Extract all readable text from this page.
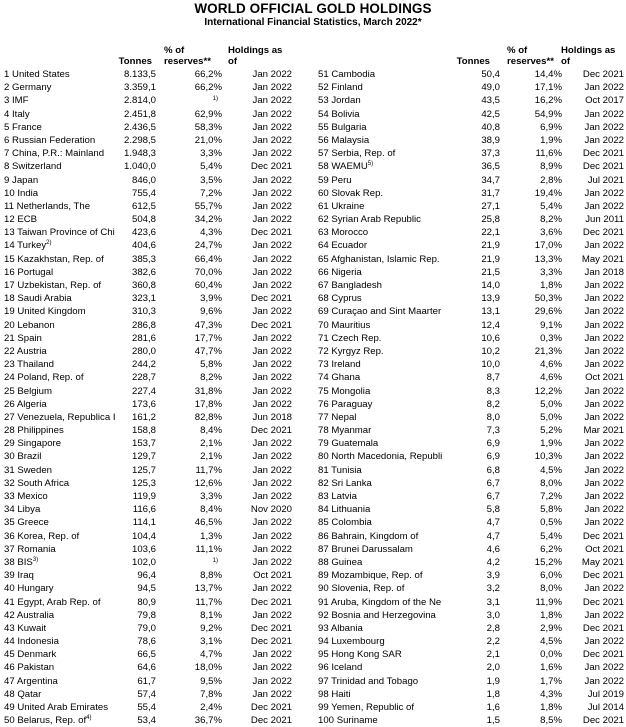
WORLD OFFICIAL GOLD HOLDINGS
International Financial Statistics, March 2022*
Tonnes
% of
reserves**
Holdings as
of	Tonnes
% of
reserves**
Holdings as
of
1 United States	8.133,5	66,2%	Jan 2022
2 Germany	3.359,1	66,2%	Jan 2022
3 IMF	2.814,0	1)	Jan 2022
4 Italy	2.451,8	62,9%	Jan 2022
5 France	2.436,5	58,3%	Jan 2022
6 Russian Federation	2.298,5	21,0%	Jan 2022
7 China, P.R.: Mainland	1.948,3	3,3%	Jan 2022
8 Switzerland	1.040,0	5,4%	Dec 2021
9 Japan	846,0	3,5%	Jan 2022
10 India	755,4	7,2%	Jan 2022
11 Netherlands, The	612,5	55,7%	Jan 2022
12 ECB	504,8	34,2%	Jan 2022
13 Taiwan Province of Chi	423,6	4,3%	Dec 2021
14 Turkey$^{2)}$	404,6	24,7%	Jan 2022
15 Kazakhstan, Rep. of	385,3	66,4%	Jan 2022
16 Portugal	382,6	70,0%	Jan 2022
17 Uzbekistan, Rep. of	360,8	60,4%	Jan 2022
18 Saudi Arabia	323,1	3,9%	Dec 2021
19 United Kingdom	310,3	9,6%	Jan 2022
20 Lebanon	286,8	47,3%	Dec 2021
21 Spain	281,6	17,7%	Jan 2022
22 Austria	280,0	47,7%	Jan 2022
23 Thailand	244,2	5,8%	Jan 2022
24 Poland, Rep. of	228,7	8,2%	Jan 2022
25 Belgium	227,4	31,8%	Jan 2022
26 Algeria	173,6	17,8%	Jan 2022
27 Venezuela, Republica I	161,2	82,8%	Jun 2018
28 Philippines	158,8	8,4%	Dec 2021
29 Singapore	153,7	2,1%	Jan 2022
30 Brazil	129,7	2,1%	Jan 2022
31 Sweden	125,7	11,7%	Jan 2022
32 South Africa	125,3	12,6%	Jan 2022
33 Mexico	119,9	3,3%	Jan 2022
34 Libya	116,6	8,4%	Nov 2020
35 Greece	114,1	46,5%	Jan 2022
36 Korea, Rep. of	104,4	1,3%	Jan 2022
37 Romania	103,6	11,1%	Jan 2022
38 BIS$^{3)}$	102,0	1)	Jan 2022
39 Iraq	96,4	8,8%	Oct 2021
40 Hungary	94,5	13,7%	Jan 2022
41 Egypt, Arab Rep. of	80,9	11,7%	Dec 2021
42 Australia	79,8	8,1%	Jan 2022
43 Kuwait	79,0	9,2%	Dec 2021
44 Indonesia	78,6	3,1%	Dec 2021
45 Denmark	66,5	4,7%	Jan 2022
46 Pakistan	64,6	18,0%	Jan 2022
47 Argentina	61,7	9,5%	Jan 2022
48 Qatar	57,4	7,8%	Jan 2022
49 United Arab Emirates	55,4	2,4%	Dec 2021
50 Belarus, Rep. $of^{4)}$	53,4	36,7%	Dec 2021
51 Cambodia	50,4	14,4% Dec 2021
52 Finland	49,0	17,1% Jan 2022
53 Jordan	43,5	16,2% Oct 2017
54 Bolivia	42,5	54,9% Jan 2022
55 Bulgaria	40,8	6,9% Jan 2022
56 Malaysia	38,9	1,9% Jan 2022
57 Serbia, Rep. of	37,3	11,6% Dec 2021
58 WAEMU$^{5)}$	36,5	8,9% Dec 2021
59 Peru	34,7	2,8%	Jul 2021
60 Slovak Rep.	31,7	19,4% Jan 2022
61 Ukraine	27,1	5,4% Jan 2022
62 Syrian Arab Republic	25,8	8,2% Jun 2011
63 Morocco	22,1	3,6% Dec 2021
64 Ecuador	21,9	17,0% Jan 2022
65 Afghanistan, Islamic Rep.	21,9	13,3% May 2021
66 Nigeria	21,5	3,3% Jan 2018
67 Bangladesh	14,0	1,8% Jan 2022
68 Cyprus	13,9	50,3% Jan 2022
69 Curaçao and Sint Maarter	13,1	29,6% Jan 2022
70 Mauritius	12,4	9,1% Jan 2022
71 Czech Rep.	10,6	0,3% Jan 2022
72 Kyrgyz Rep.	10,2	21,3% Jan 2022
73 Ireland	10,0	4,6% Jan 2022
74 Ghana	8,7	4,6% Oct 2021
75 Mongolia	8,3	12,2% Jan 2022
76 Paraguay	8,2	5,0% Jan 2022
77 Nepal	8,0	5,0% Jan 2022
78 Myanmar	7,3	5,2% Mar 2021
79 Guatemala	6,9	1,9% Jan 2022
80 North Macedonia, Republi	6,9	10,3% Jan 2022
81 Tunisia	6,8	4,5% Jan 2022
82 Sri Lanka	6,7	8,0% Jan 2022
83 Latvia	6,7	7,2% Jan 2022
84 Lithuania	5,8	5,8% Jan 2022
85 Colombia	4,7	0,5% Jan 2022
86 Bahrain, Kingdom of	4,7	5,4% Dec 2021
87 Brunei Darussalam	4,6	6,2% Oct 2021
88 Guinea	4,2	15,2% May 2021
89 Mozambique, Rep. of	3,9	6,0% Dec 2021
90 Slovenia, Rep. of	3,2	8,0% Jan 2022
91 Aruba, Kingdom of the Ne	3,1	11,9% Dec 2021
92 Bosnia and Herzegovina	3,0	1,8% Jan 2022
93 Albania	2,8	2,9% Dec 2021
94 Luxembourg	2,2	4,5% Jan 2022
95 Hong Kong SAR	2,1	0,0% Dec 2021
96 Iceland	2,0	1,6% Jan 2022
97 Trinidad and Tobago	1,9	1,7% Jan 2022
98 Haiti	1,8	4,3%	Jul 2019
99 Yemen, Republic of	1,6	1,8%	Jul 2014
100 Suriname	1,5	8,5% Dec 2021
